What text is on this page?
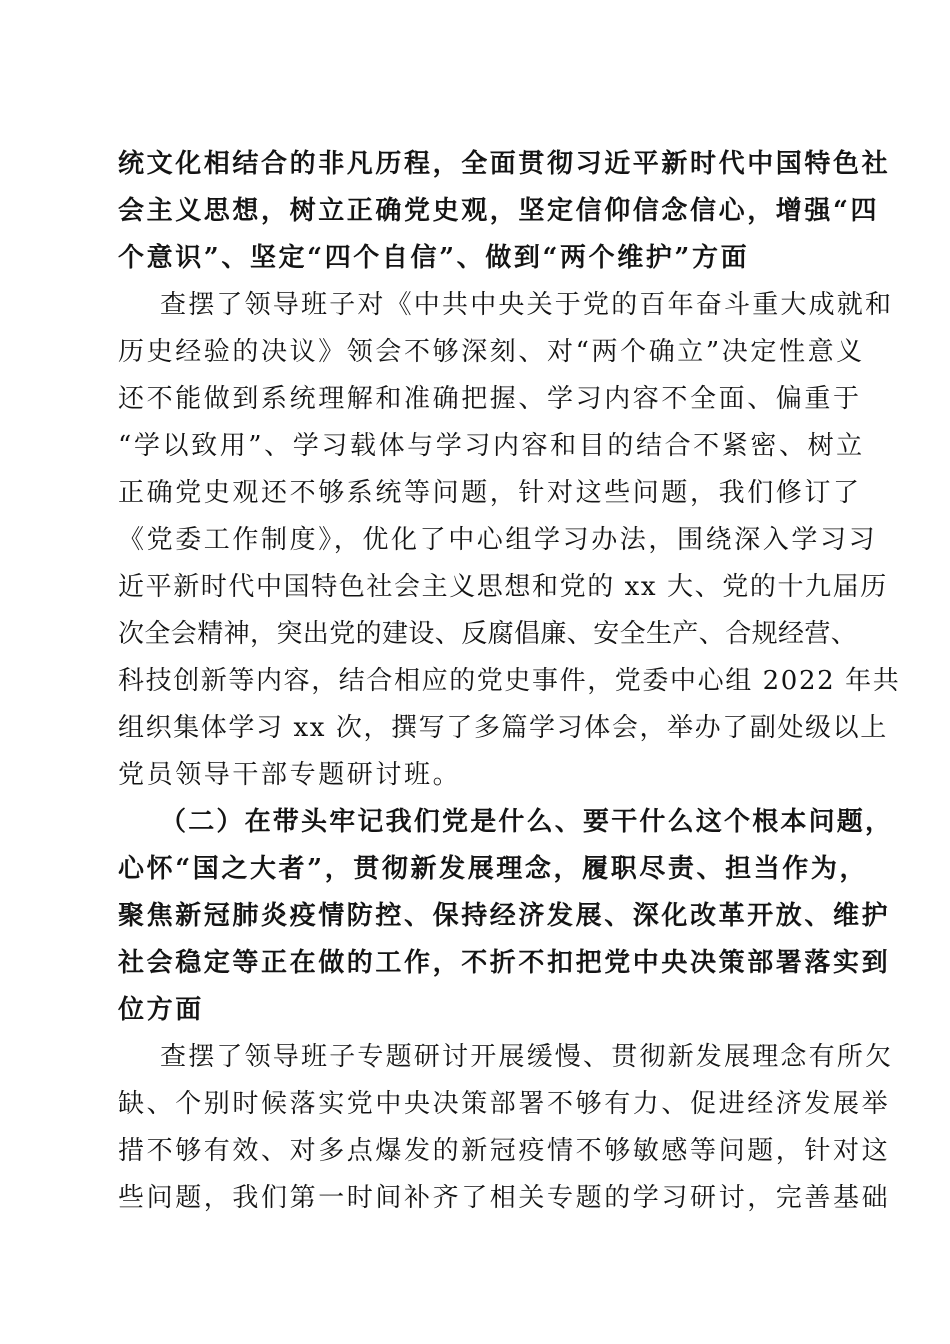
统文化相结合的非凡历程，全面贯彻习近平新时代中国特色社

会主义思想，树立正确党史观，坚定信仰信念信心，增强“四

个意识”、坚定“四个自信”、做到“两个维护”方面

查摆了领导班子对《中共中央关于党的百年奋斗重大成就和

历史经验的决议》领会不够深刻、对“两个确立”决定性意义

还不能做到系统理解和准确把握、学习内容不全面、偏重于

“学以致用”、学习载体与学习内容和目的结合不紧密、树立

正确党史观还不够系统等问题，针对这些问题，我们修订了

《党委工作制度》，优化了中心组学习办法，围绕深入学习习

近平新时代中国特色社会主义思想和党的 xx 大、党的十九届历

次全会精神，突出党的建设、反腐倡廉、安全生产、合规经营、

科技创新等内容，结合相应的党史事件，党委中心组 2022 年共

组织集体学习 xx 次，撰写了多篇学习体会，举办了副处级以上

党员领导干部专题研讨班。

（二）在带头牢记我们党是什么、要干什么这个根本问题，

心怀“国之大者”，贯彻新发展理念，履职尽责、担当作为，

聚焦新冠肺炎疫情防控、保持经济发展、深化改革开放、维护

社会稳定等正在做的工作，不折不扣把党中央决策部署落实到

位方面

查摆了领导班子专题研讨开展缓慢、贯彻新发展理念有所欠

缺、个别时候落实党中央决策部署不够有力、促进经济发展举

措不够有效、对多点爆发的新冠疫情不够敏感等问题，针对这

些问题，我们第一时间补齐了相关专题的学习研讨，完善基础
